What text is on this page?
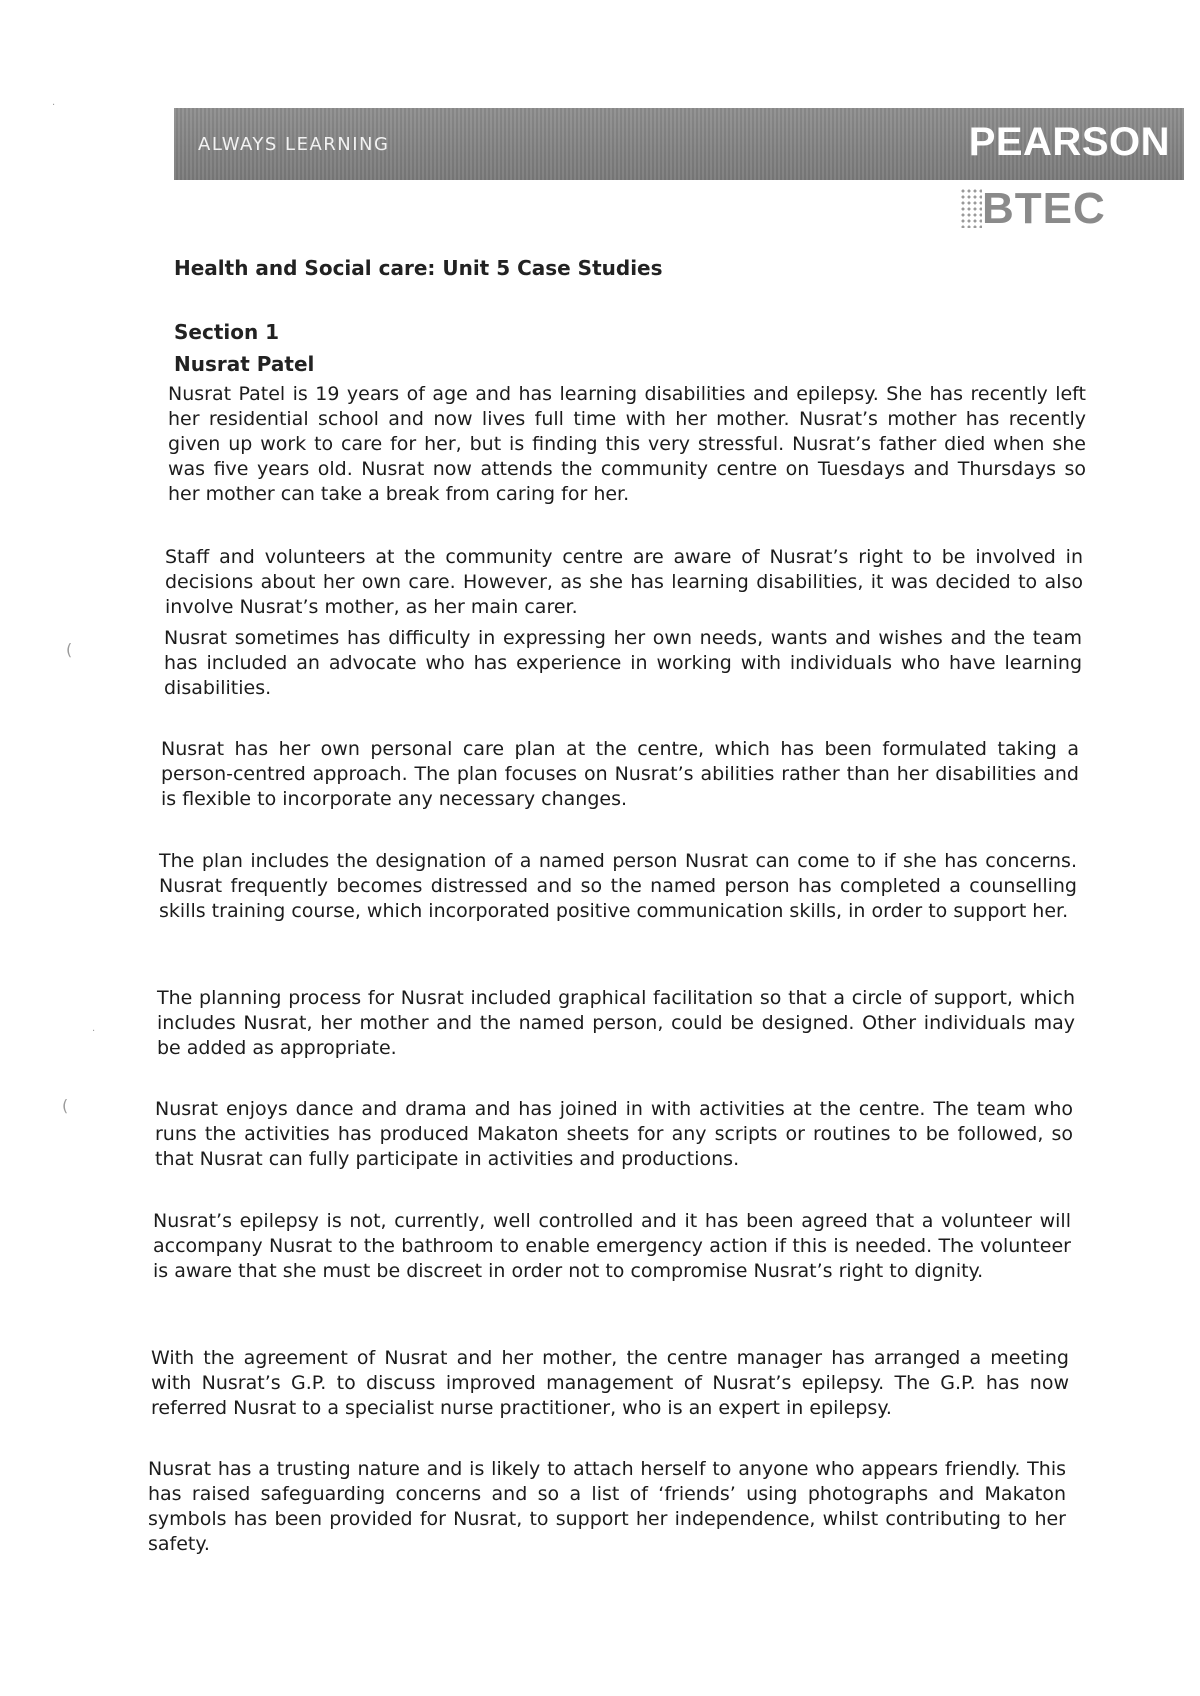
(
(
·
·
ALWAYS LEARNING	PEARSON
BTEC
Health and Social care: Unit 5 Case Studies
Section 1
Nusrat Patel

Nusrat Patel is 19 years of age and has learning disabilities and epilepsy. She has recently left her residential school and now lives full time with her mother. Nusrat’s mother has recently given up work to care for her, but is finding this very stressful. Nusrat’s father died when she was five years old. Nusrat now attends the community centre on Tuesdays and Thursdays so her mother can take a break from caring for her.

Staff and volunteers at the community centre are aware of Nusrat’s right to be involved in decisions about her own care. However, as she has learning disabilities, it was decided to also involve Nusrat’s mother, as her main carer.

Nusrat sometimes has difficulty in expressing her own needs, wants and wishes and the team has included an advocate who has experience in working with individuals who have learning disabilities.

Nusrat has her own personal care plan at the centre, which has been formulated taking a person-centred approach. The plan focuses on Nusrat’s abilities rather than her disabilities and is flexible to incorporate any necessary changes.

The plan includes the designation of a named person Nusrat can come to if she has concerns. Nusrat frequently becomes distressed and so the named person has completed a counselling skills training course, which incorporated positive communication skills, in order to support her.

The planning process for Nusrat included graphical facilitation so that a circle of support, which includes Nusrat, her mother and the named person, could be designed. Other individuals may be added as appropriate.

Nusrat enjoys dance and drama and has joined in with activities at the centre. The team who runs the activities has produced Makaton sheets for any scripts or routines to be followed, so that Nusrat can fully participate in activities and productions.

Nusrat’s epilepsy is not, currently, well controlled and it has been agreed that a volunteer will accompany Nusrat to the bathroom to enable emergency action if this is needed. The volunteer is aware that she must be discreet in order not to compromise Nusrat’s right to dignity.

With the agreement of Nusrat and her mother, the centre manager has arranged a meeting with Nusrat’s G.P. to discuss improved management of Nusrat’s epilepsy. The G.P. has now referred Nusrat to a specialist nurse practitioner, who is an expert in epilepsy.

Nusrat has a trusting nature and is likely to attach herself to anyone who appears friendly. This has raised safeguarding concerns and so a list of ‘friends’ using photographs and Makaton symbols has been provided for Nusrat, to support her independence, whilst contributing to her safety.
